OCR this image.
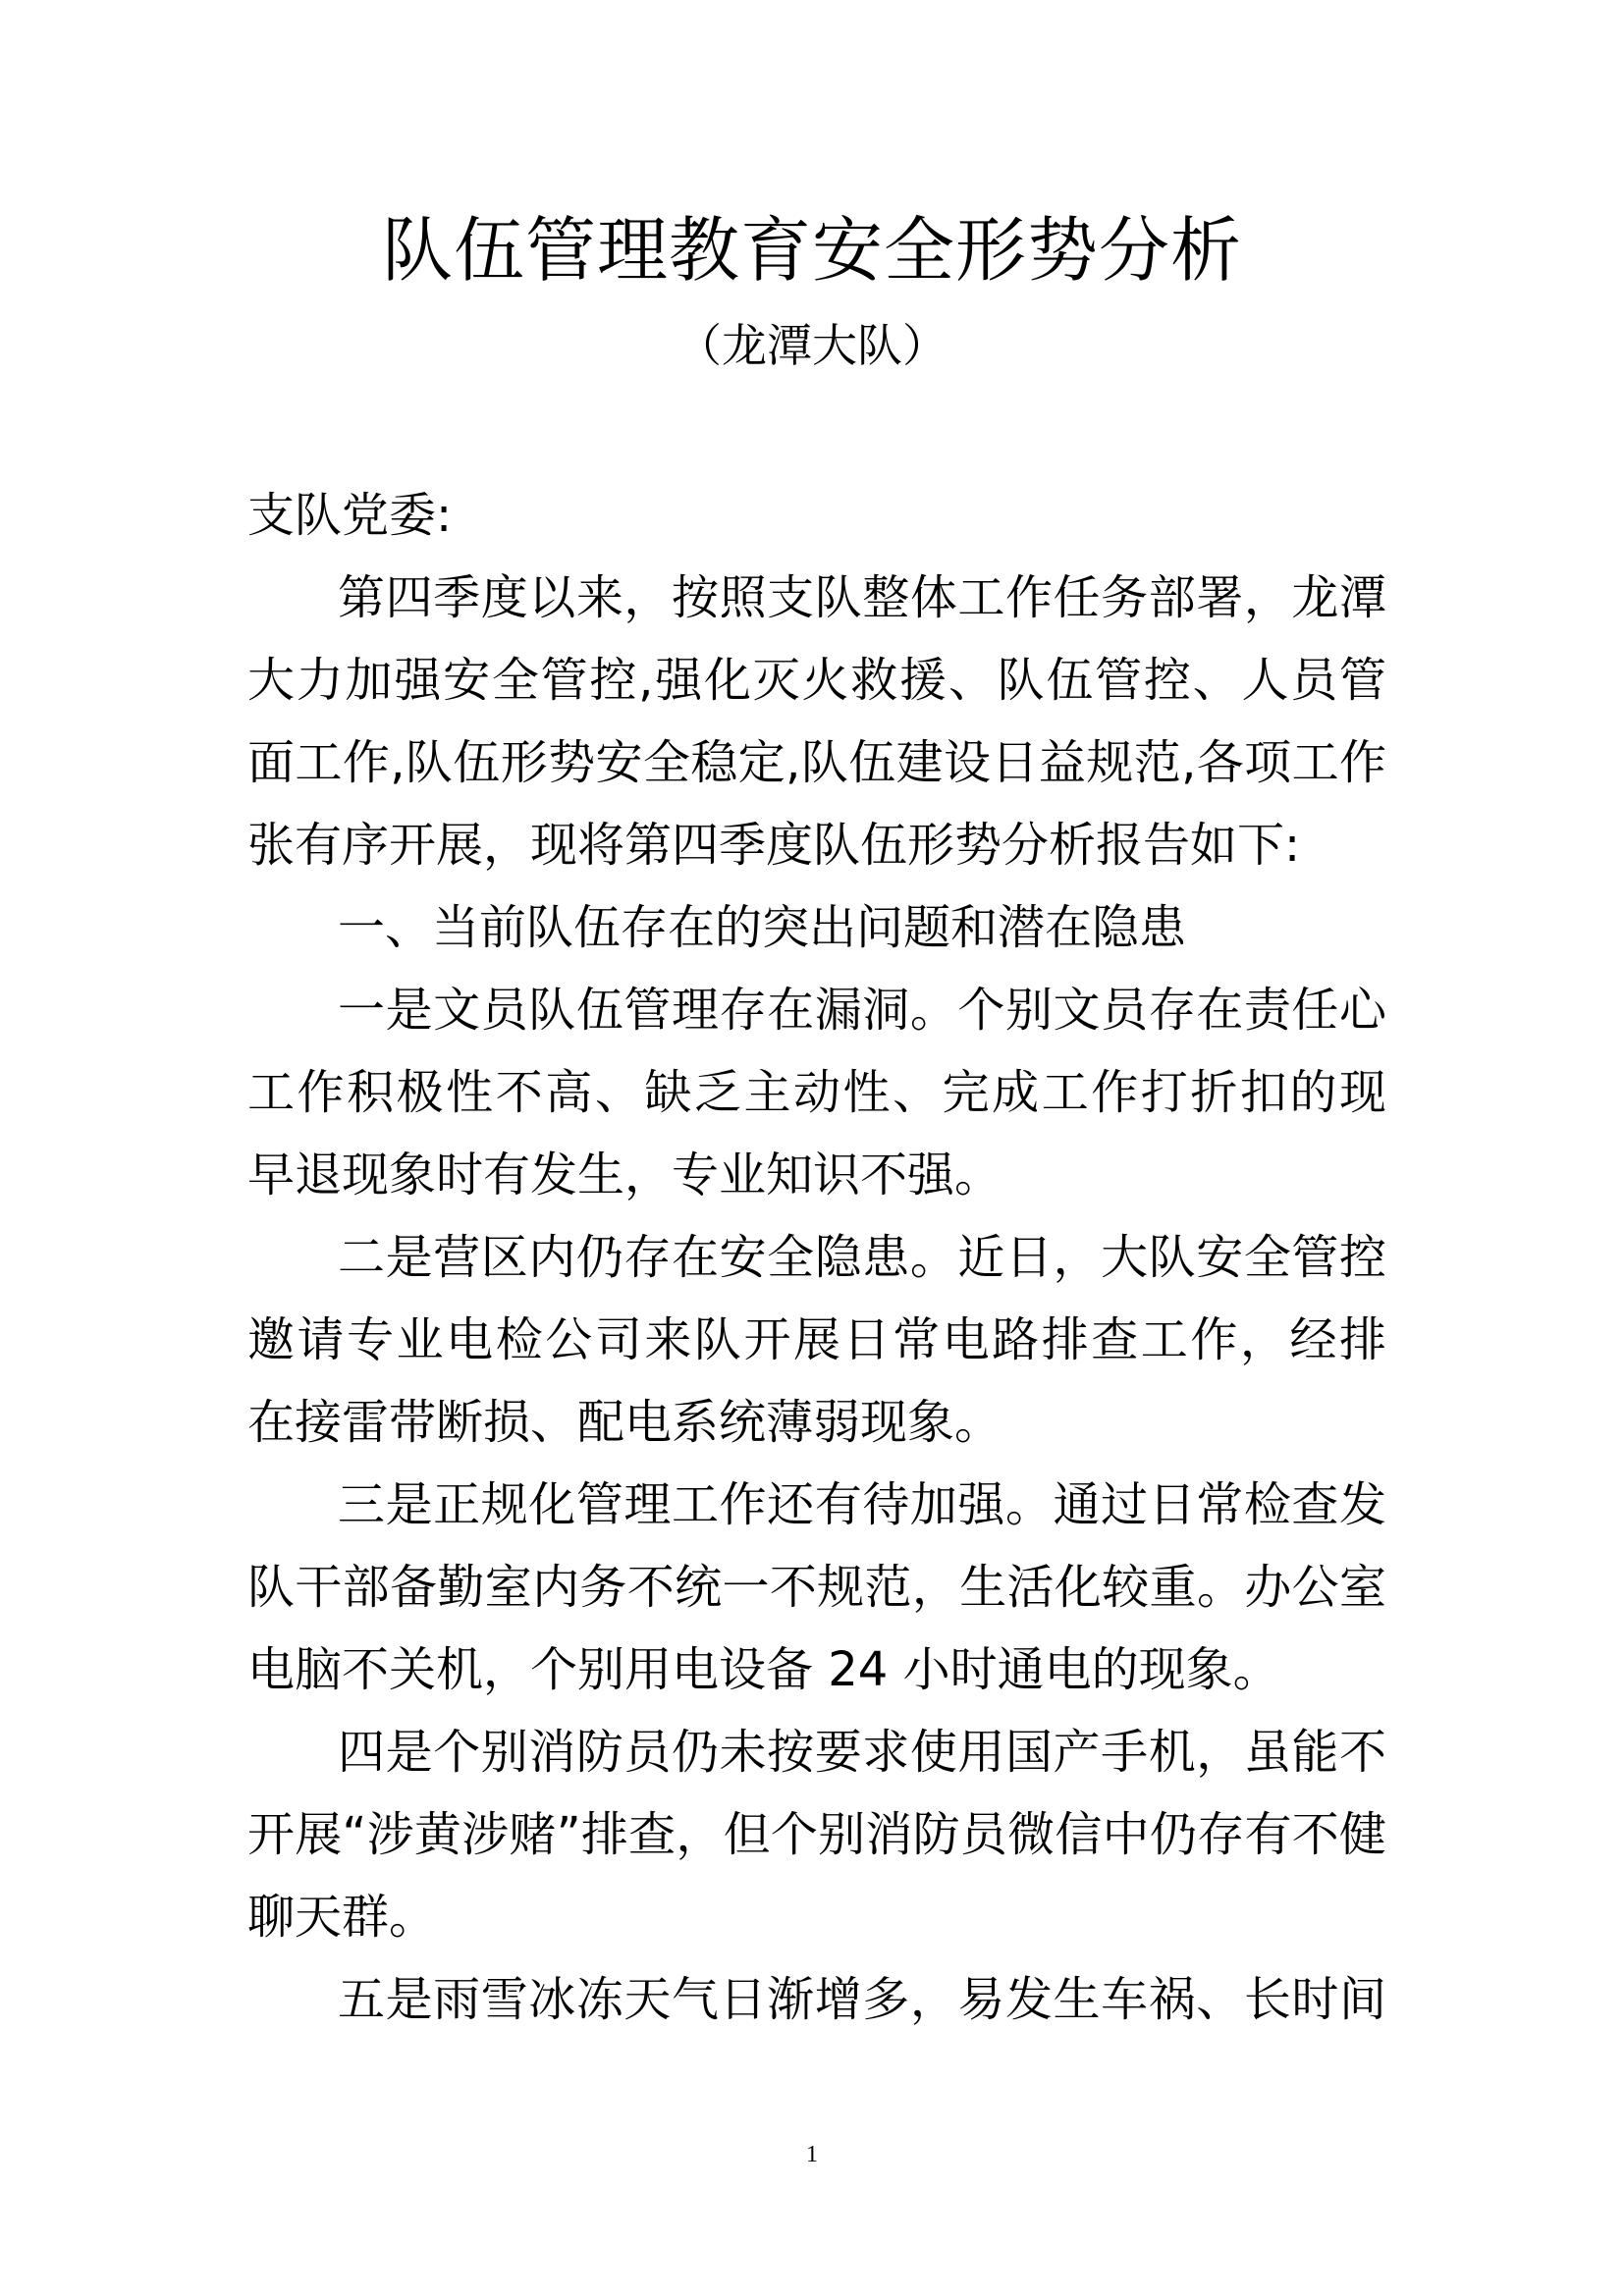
队伍管理教育安全形势分析
（龙潭大队）
支队党委:
第四季度以来，按照支队整体工作任务部署，龙潭
大力加强安全管控,强化灭火救援、队伍管控、人员管
面工作,队伍形势安全稳定,队伍建设日益规范,各项工作
张有序开展，现将第四季度队伍形势分析报告如下:
一、当前队伍存在的突出问题和潜在隐患
一是文员队伍管理存在漏洞。个别文员存在责任心
工作积极性不高、缺乏主动性、完成工作打折扣的现
早退现象时有发生，专业知识不强。
二是营区内仍存在安全隐患。近日，大队安全管控
邀请专业电检公司来队开展日常电路排查工作，经排
在接雷带断损、配电系统薄弱现象。
三是正规化管理工作还有待加强。通过日常检查发
队干部备勤室内务不统一不规范，生活化较重。办公室
电脑不关机，个别用电设备 24 小时通电的现象。
四是个别消防员仍未按要求使用国产手机，虽能不
开展“涉黄涉赌”排查，但个别消防员微信中仍存有不健
聊天群。
五是雨雪冰冻天气日渐增多，易发生车祸、长时间
1
